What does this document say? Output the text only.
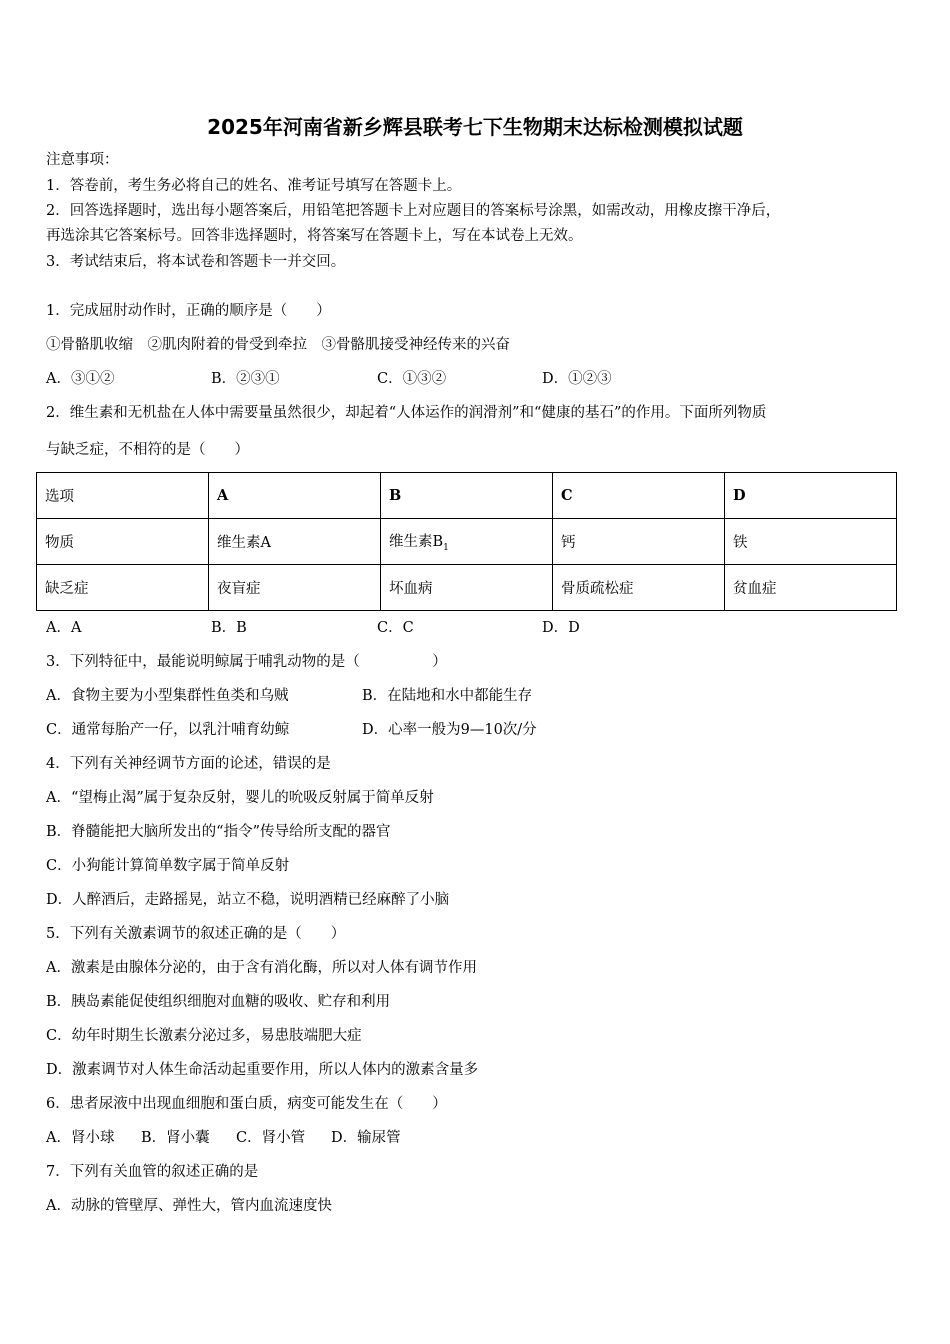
2025年河南省新乡辉县联考七下生物期末达标检测模拟试题
注意事项：
1．答卷前，考生务必将自己的姓名、准考证号填写在答题卡上。
2．回答选择题时，选出每小题答案后，用铅笔把答题卡上对应题目的答案标号涂黑，如需改动，用橡皮擦干净后，
再选涂其它答案标号。回答非选择题时，将答案写在答题卡上，写在本试卷上无效。
3．考试结束后，将本试卷和答题卡一并交回。
1．完成屈肘动作时，正确的顺序是（　　）
①骨骼肌收缩　②肌肉附着的骨受到牵拉　③骨骼肌接受神经传来的兴奋
A．③①②	B．②③①	C．①③②	D．①②③
2．维生素和无机盐在人体中需要量虽然很少，却起着“人体运作的润滑剂”和“健康的基石”的作用。下面所列物质
与缺乏症，不相符的是（　　）
选项	A	B	C	D
物质	维生素A	维生素$B_1$	钙	铁
缺乏症	夜盲症	坏血病	骨质疏松症	贫血症
A．A	B．B	C．C	D．D
3．下列特征中，最能说明鲸属于哺乳动物的是（　　　　　）
A．食物主要为小型集群性鱼类和乌贼	B．在陆地和水中都能生存
C．通常每胎产一仔，以乳汁哺育幼鲸	D．心率一般为9—10次/分
4．下列有关神经调节方面的论述，错误的是
A．“望梅止渴”属于复杂反射，婴儿的吮吸反射属于简单反射
B．脊髓能把大脑所发出的“指令”传导给所支配的器官
C．小狗能计算简单数字属于简单反射
D．人醉酒后，走路摇晃，站立不稳，说明酒精已经麻醉了小脑
5．下列有关激素调节的叙述正确的是（　　）
A．激素是由腺体分泌的，由于含有消化酶，所以对人体有调节作用
B．胰岛素能促使组织细胞对血糖的吸收、贮存和利用
C．幼年时期生长激素分泌过多，易患肢端肥大症
D．激素调节对人体生命活动起重要作用，所以人体内的激素含量多
6．患者尿液中出现血细胞和蛋白质，病变可能发生在（　　）
A．肾小球 B．肾小囊 C．肾小管 D．输尿管
7．下列有关血管的叙述正确的是
A．动脉的管壁厚、弹性大，管内血流速度快
